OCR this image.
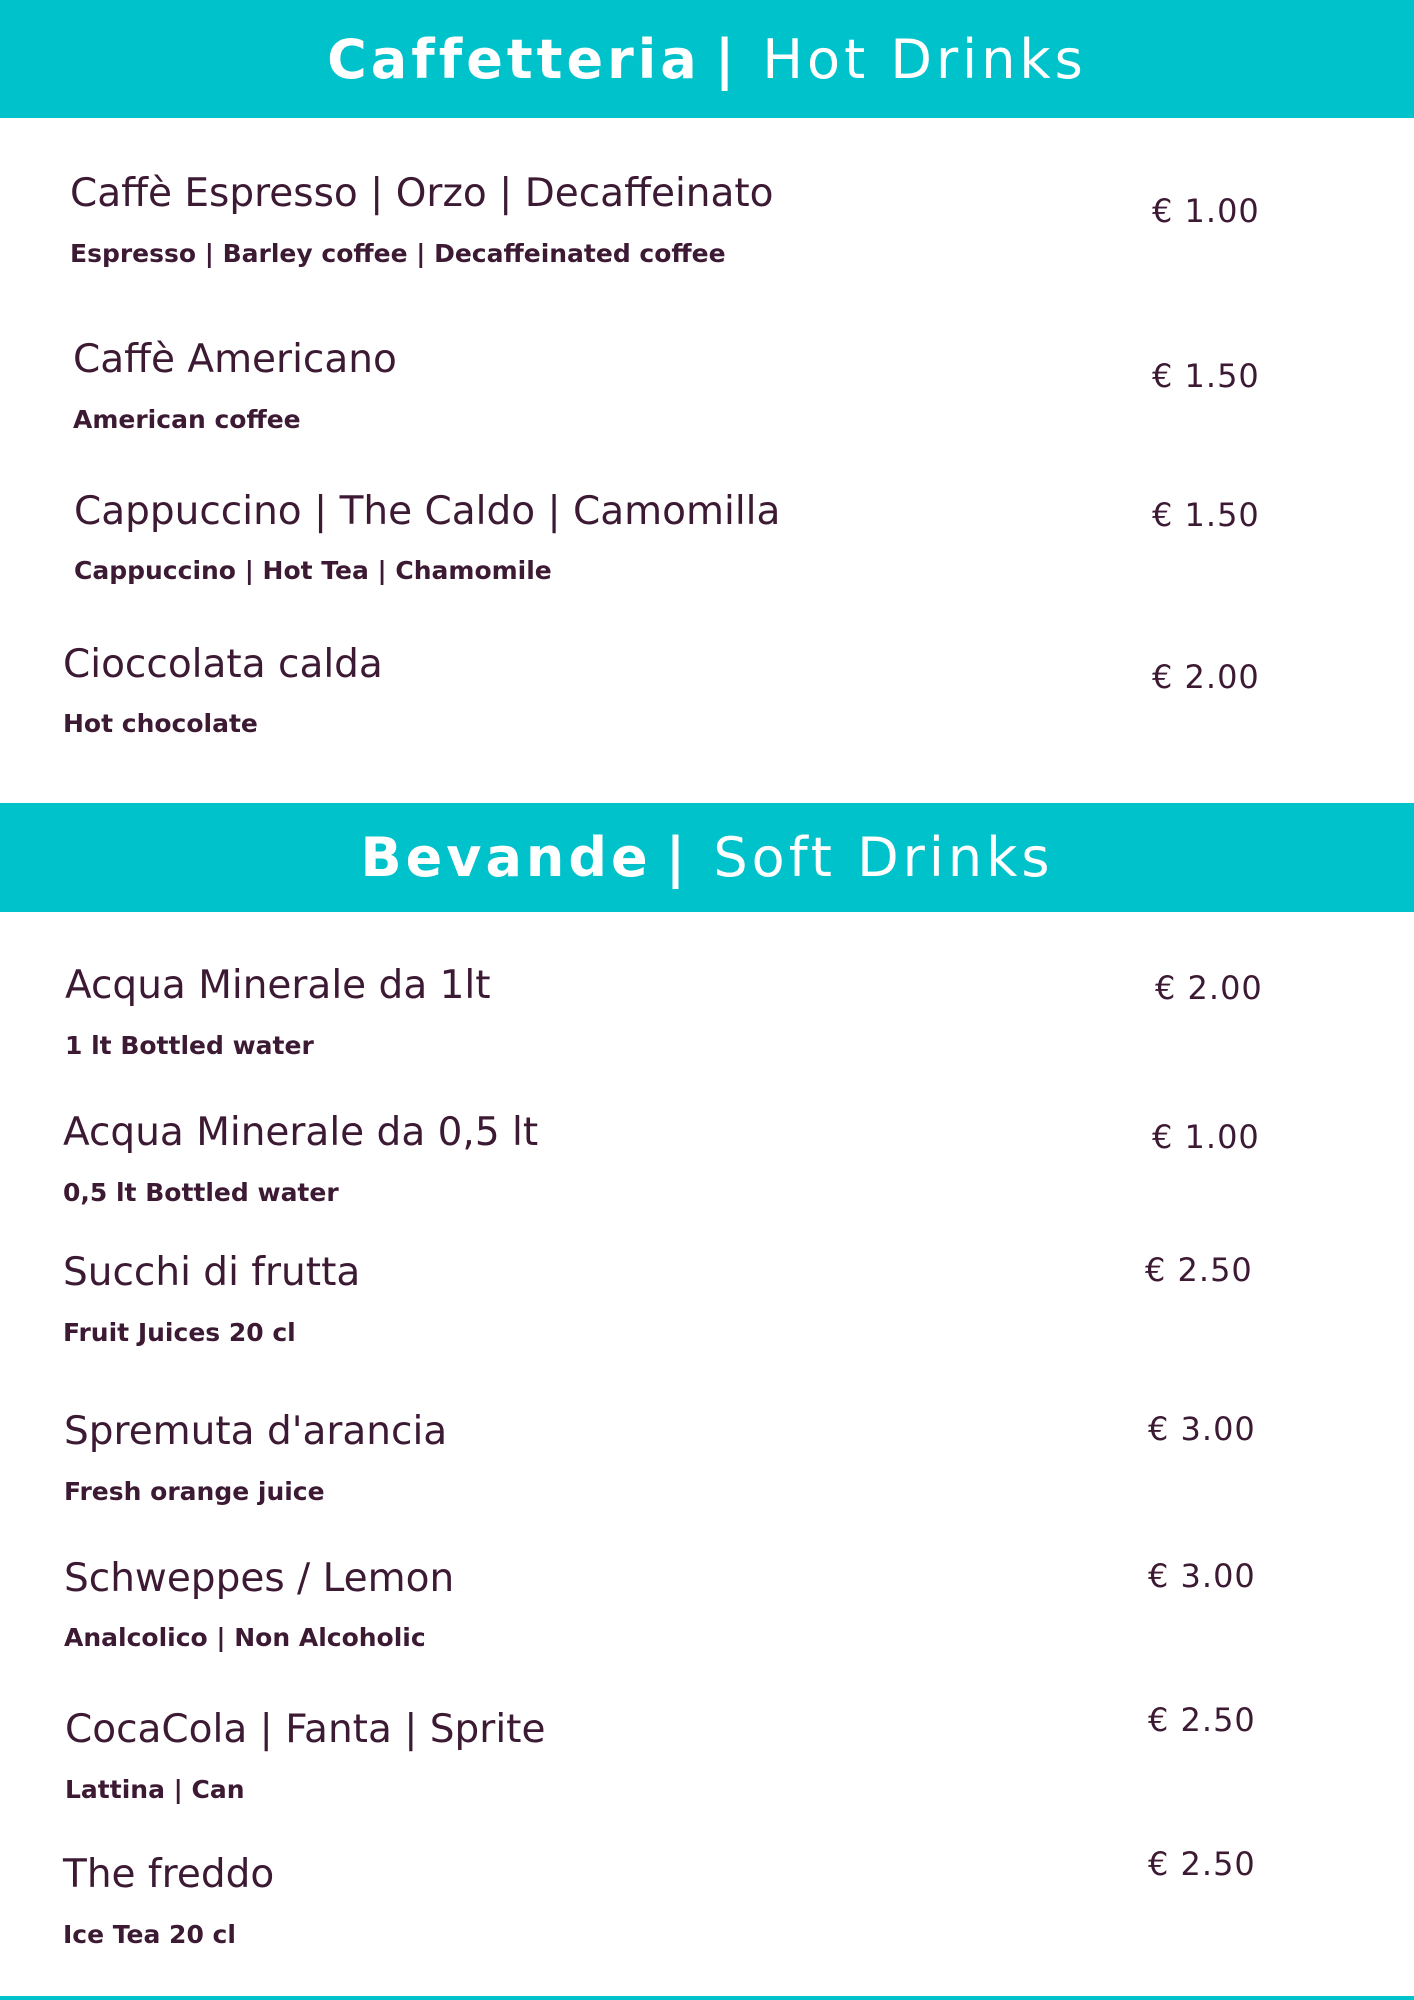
Caffetteria | Hot Drinks
Caffè Espresso | Orzo | Decaffeinato
Espresso | Barley coffee | Decaffeinated coffee
€ 1.00
Caffè Americano
American coffee
€ 1.50
Cappuccino | The Caldo | Camomilla
Cappuccino | Hot Tea | Chamomile
€ 1.50
Cioccolata calda
Hot chocolate
€ 2.00
Bevande | Soft Drinks
Acqua Minerale da 1lt
1 lt Bottled water
€ 2.00
Acqua Minerale da 0,5 lt
0,5 lt Bottled water
€ 1.00
Succhi di frutta
Fruit Juices 20 cl
€ 2.50
Spremuta d'arancia
Fresh orange juice
€ 3.00
Schweppes / Lemon
Analcolico | Non Alcoholic
€ 3.00
CocaCola | Fanta | Sprite
Lattina | Can
€ 2.50
The freddo
Ice Tea 20 cl
€ 2.50
